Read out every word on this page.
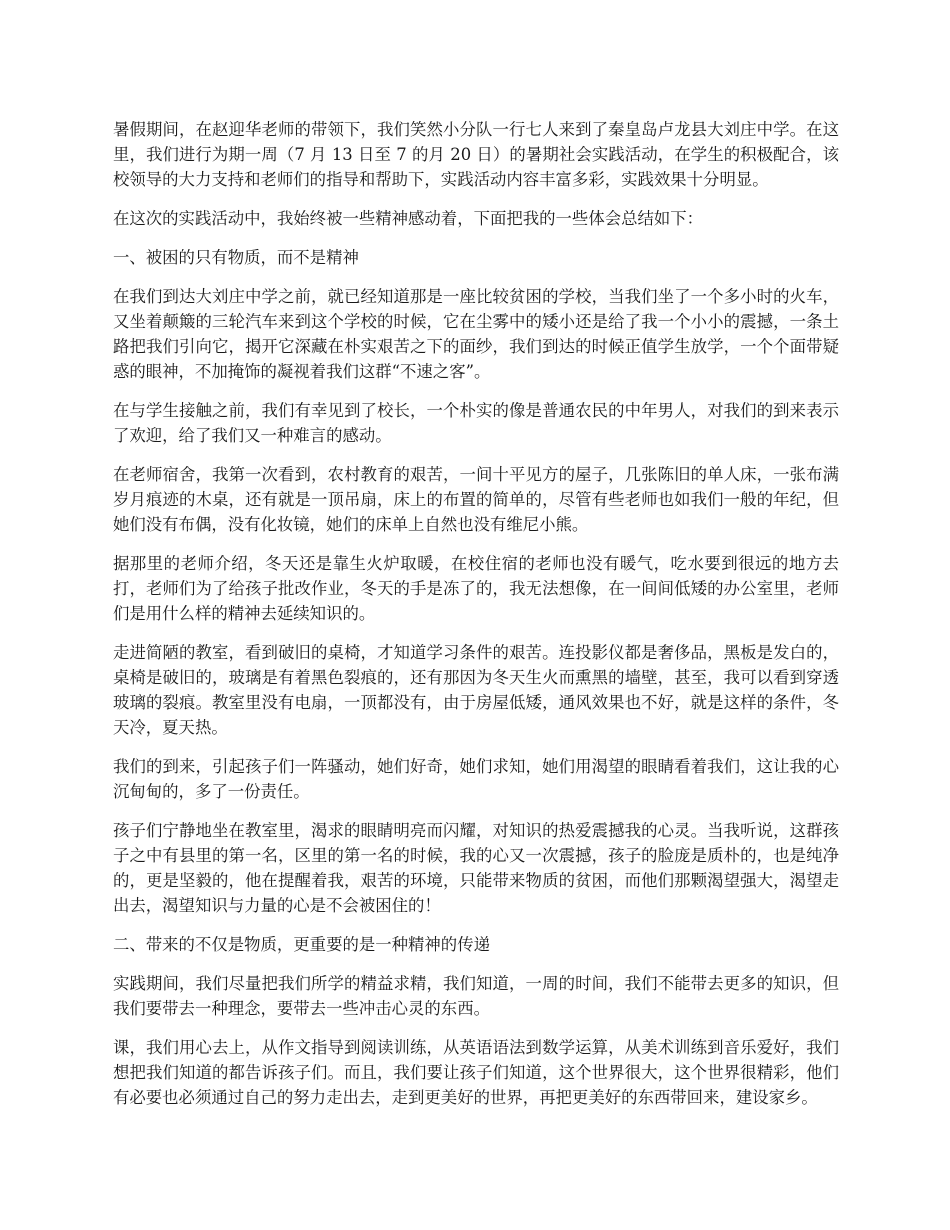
暑假期间，在赵迎华老师的带领下，我们笑然小分队一行七人来到了秦皇岛卢龙县大刘庄中学。在这里，我们进行为期一周（7 月 13 日至 7 的月 20 日）的暑期社会实践活动，在学生的积极配合，该校领导的大力支持和老师们的指导和帮助下，实践活动内容丰富多彩，实践效果十分明显。

在这次的实践活动中，我始终被一些精神感动着，下面把我的一些体会总结如下：

一、被困的只有物质，而不是精神

在我们到达大刘庄中学之前，就已经知道那是一座比较贫困的学校，当我们坐了一个多小时的火车，又坐着颠簸的三轮汽车来到这个学校的时候，它在尘雾中的矮小还是给了我一个小小的震撼，一条土路把我们引向它，揭开它深藏在朴实艰苦之下的面纱，我们到达的时候正值学生放学，一个个面带疑惑的眼神，不加掩饰的凝视着我们这群“不速之客”。

在与学生接触之前，我们有幸见到了校长，一个朴实的像是普通农民的中年男人，对我们的到来表示了欢迎，给了我们又一种难言的感动。

在老师宿舍，我第一次看到，农村教育的艰苦，一间十平见方的屋子，几张陈旧的单人床，一张布满岁月痕迹的木桌，还有就是一顶吊扇，床上的布置的简单的，尽管有些老师也如我们一般的年纪，但她们没有布偶，没有化妆镜，她们的床单上自然也没有维尼小熊。

据那里的老师介绍，冬天还是靠生火炉取暖，在校住宿的老师也没有暖气，吃水要到很远的地方去打，老师们为了给孩子批改作业，冬天的手是冻了的，我无法想像，在一间间低矮的办公室里，老师们是用什么样的精神去延续知识的。

走进简陋的教室，看到破旧的桌椅，才知道学习条件的艰苦。连投影仪都是奢侈品，黑板是发白的，桌椅是破旧的，玻璃是有着黑色裂痕的，还有那因为冬天生火而熏黑的墙壁，甚至，我可以看到穿透玻璃的裂痕。教室里没有电扇，一顶都没有，由于房屋低矮，通风效果也不好，就是这样的条件，冬天冷，夏天热。

我们的到来，引起孩子们一阵骚动，她们好奇，她们求知，她们用渴望的眼睛看着我们，这让我的心沉甸甸的，多了一份责任。

孩子们宁静地坐在教室里，渴求的眼睛明亮而闪耀，对知识的热爱震撼我的心灵。当我听说，这群孩子之中有县里的第一名，区里的第一名的时候，我的心又一次震撼，孩子的脸庞是质朴的，也是纯净的，更是坚毅的，他在提醒着我，艰苦的环境，只能带来物质的贫困，而他们那颗渴望强大，渴望走出去，渴望知识与力量的心是不会被困住的！

二、带来的不仅是物质，更重要的是一种精神的传递

实践期间，我们尽量把我们所学的精益求精，我们知道，一周的时间，我们不能带去更多的知识，但我们要带去一种理念，要带去一些冲击心灵的东西。

课，我们用心去上，从作文指导到阅读训练，从英语语法到数学运算，从美术训练到音乐爱好，我们想把我们知道的都告诉孩子们。而且，我们要让孩子们知道，这个世界很大，这个世界很精彩，他们有必要也必须通过自己的努力走出去，走到更美好的世界，再把更美好的东西带回来，建设家乡。
